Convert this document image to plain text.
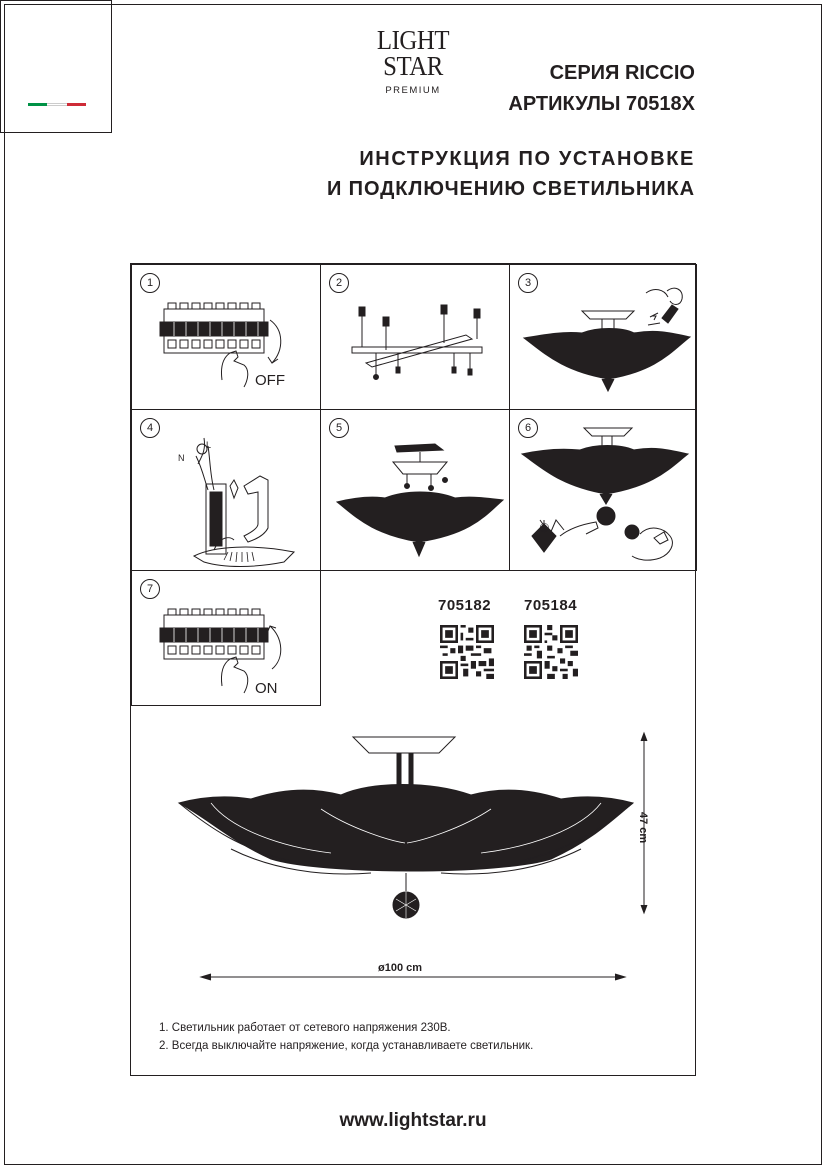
LIGHT
STAR
PREMIUM
СЕРИЯ RICCIO
АРТИКУЛЫ 70518X
ИНСТРУКЦИЯ ПО УСТАНОВКЕ
И ПОДКЛЮЧЕНИЮ СВЕТИЛЬНИКА
1
OFF
2	3
4
N
L
5	6
②
7
ON
705182 705184
47 cm
ø100 cm
1. Светильник работает от сетевого напряжения 230В.
2. Всегда выключайте напряжение, когда устанавливаете светильник.
www.lightstar.ru
